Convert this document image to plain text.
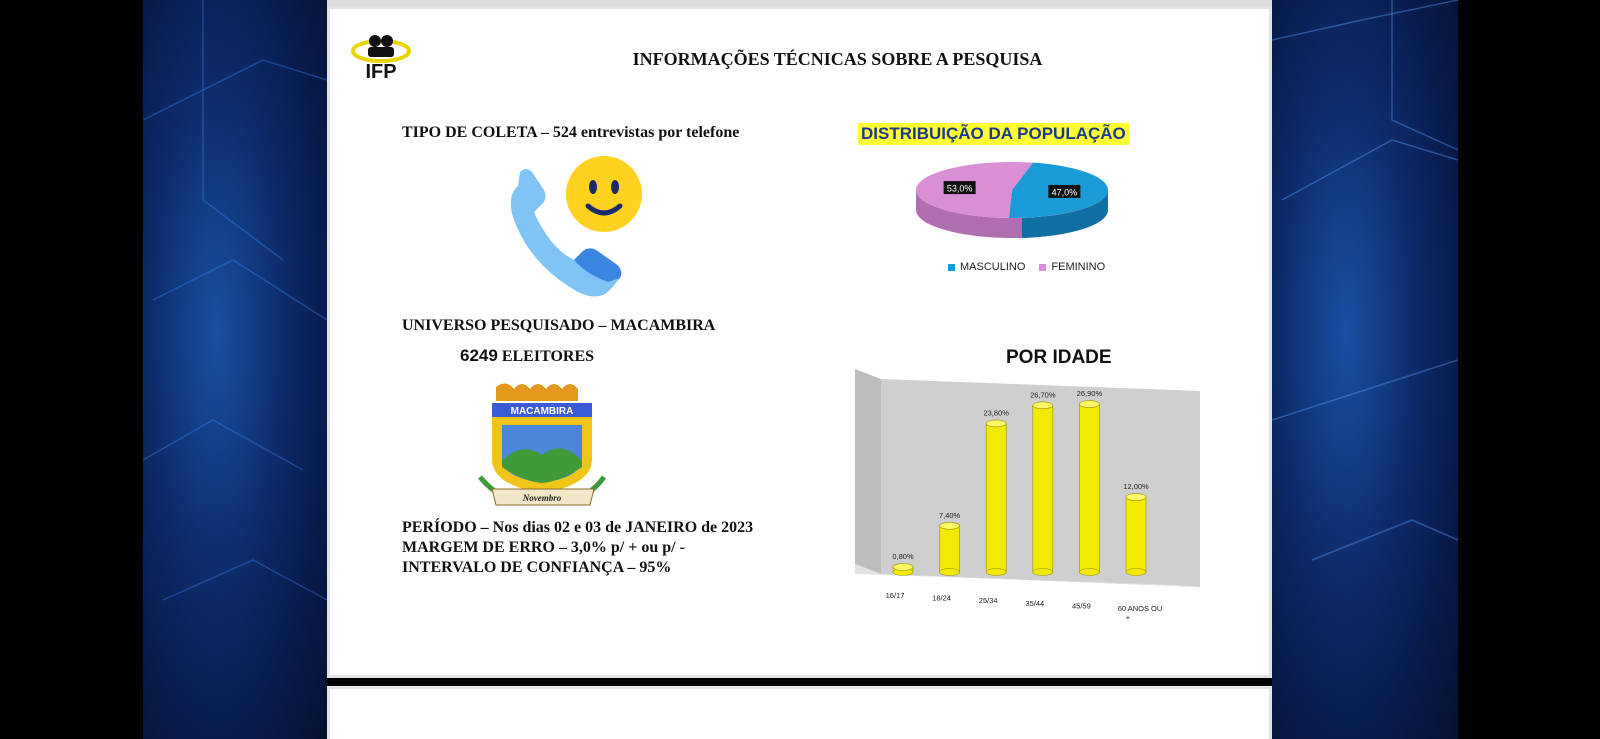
IFP
INFORMAÇÕES TÉCNICAS SOBRE A PESQUISA
TIPO DE COLETA – 524 entrevistas por telefone
UNIVERSO PESQUISADO – MACAMBIRA
6249 ELEITORES
MACAMBIRA
Novembro
PERÍODO – Nos dias 02 e 03 de JANEIRO de 2023
MARGEM DE ERRO – 3,0% p/ + ou p/ -
INTERVALO DE CONFIANÇA – 95%
DISTRIBUIÇÃO DA POPULAÇÃO
47,0%
53,0%
MASCULINO FEMININO
POR IDADE
0,80%
16/17
7,40%
18/24
23,80%
25/34
26,70%
35/44
26,90%
45/59
12,00%
60 ANOS OU +
